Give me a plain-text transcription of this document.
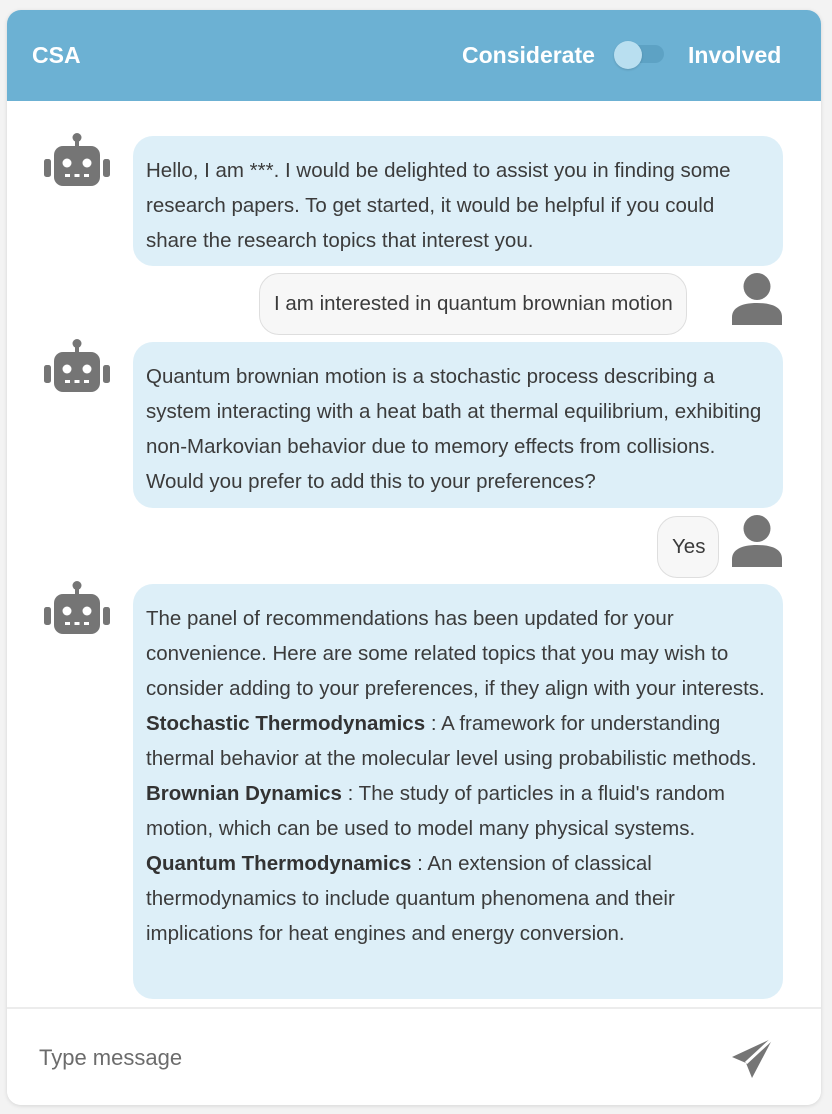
CSA	Considerate	Involved
Hello, I am ***. I would be delighted to assist you in finding some research papers. To get started, it would be helpful if you could share the research topics that interest you.
I am interested in quantum brownian motion
Quantum brownian motion is a stochastic process describing a system interacting with a heat bath at thermal equilibrium, exhibiting non-Markovian behavior due to memory effects from collisions. Would you prefer to add this to your preferences?
Yes
The panel of recommendations has been updated for your convenience. Here are some related topics that you may wish to consider adding to your preferences, if they align with your interests. Stochastic Thermodynamics : A framework for understanding thermal behavior at the molecular level using probabilistic methods. Brownian Dynamics : The study of particles in a fluid's random motion, which can be used to model many physical systems. Quantum Thermodynamics : An extension of classical thermodynamics to include quantum phenomena and their implications for heat engines and energy conversion.
Type message
